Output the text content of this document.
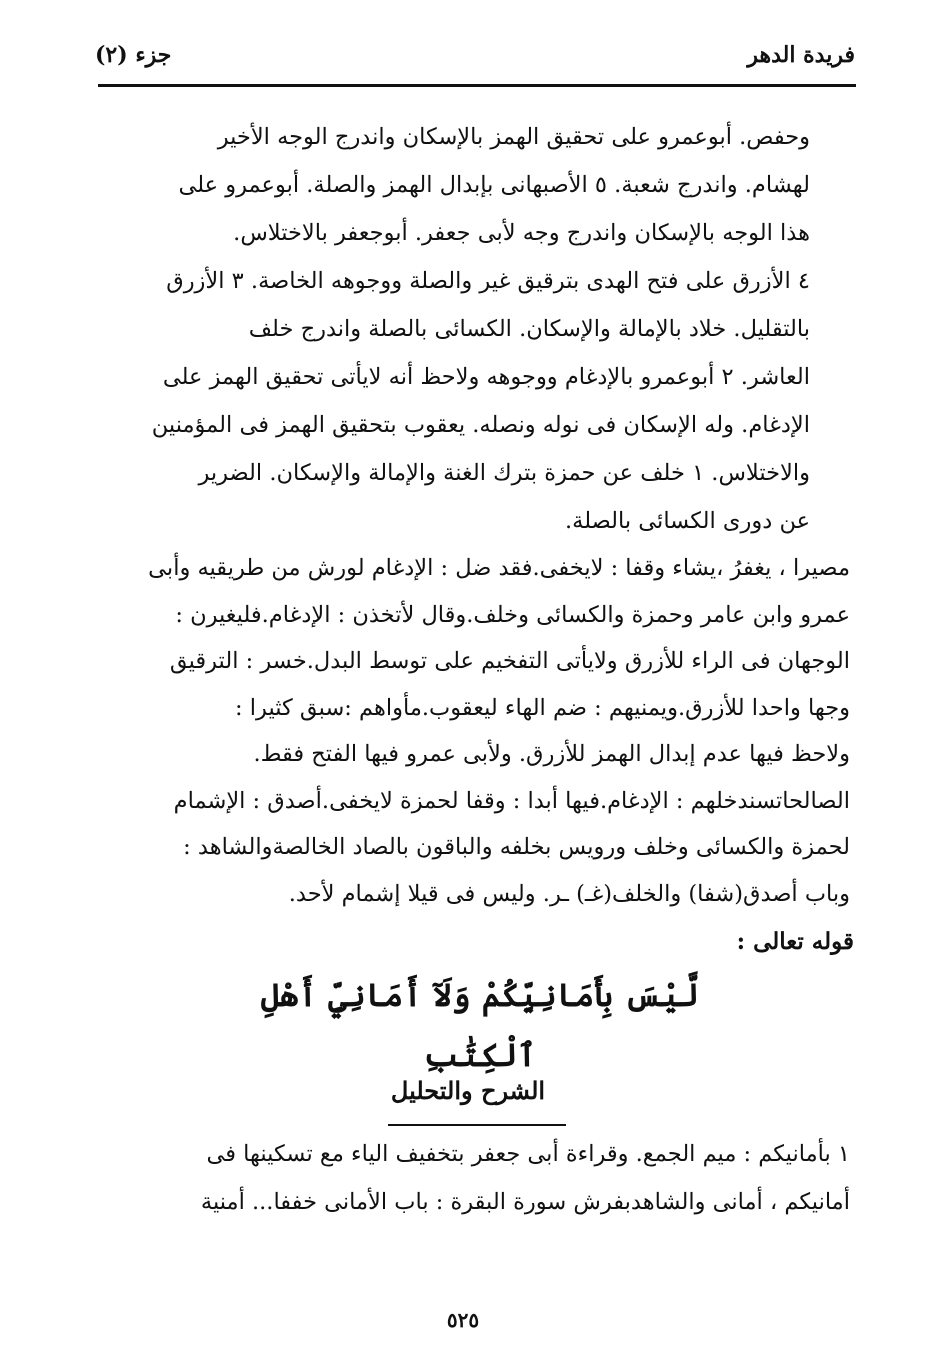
فريدة الدهر
جزء (٢)

وحفص. أبوعمرو على تحقيق الهمز بالإسكان واندرج الوجه الأخير

لهشام. واندرج شعبة. ٥ الأصبهانى بإبدال الهمز والصلة. أبوعمرو على

هذا الوجه بالإسكان واندرج وجه لأبى جعفر. أبوجعفر بالاختلاس.

٤ الأزرق على فتح الهدى بترقيق غير والصلة ووجوهه الخاصة. ٣ الأزرق

بالتقليل. خلاد بالإمالة والإسكان. الكسائى بالصلة واندرج خلف

العاشر. ٢ أبوعمرو بالإدغام ووجوهه ولاحظ أنه لايأتى تحقيق الهمز على

الإدغام. وله الإسكان فى نوله ونصله. يعقوب بتحقيق الهمز فى المؤمنين

والاختلاس. ١ خلف عن حمزة بترك الغنة والإمالة والإسكان. الضرير

عن دورى الكسائى بالصلة.

مصيرا ، يغفرُ ،يشاء وقفا : لايخفى.فقد ضل : الإدغام لورش من طريقيه وأبى

عمرو وابن عامر وحمزة والكسائى وخلف.وقال لأتخذن : الإدغام.فليغيرن :

الوجهان فى الراء للأزرق ولايأتى التفخيم على توسط البدل.خسر : الترقيق

وجها واحدا للأزرق.ويمنيهم : ضم الهاء ليعقوب.مأواهم :سبق كثيرا :

ولاحظ فيها عدم إبدال الهمز للأزرق. ولأبى عمرو فيها الفتح فقط.

الصالحاتسندخلهم : الإدغام.فيها أبدا : وقفا لحمزة لايخفى.أصدق : الإشمام

لحمزة والكسائى وخلف ورويس بخلفه والباقون بالصاد الخالصةوالشاهد :

وباب أصدق(شفا) والخلف(غـ) ـر. وليس فى قيلا إشمام لأحد.

قوله تعالى :
لَّيْسَ بِأَمَانِيِّكُمْ وَلَآ أَمَانِيِّ أَهْلِ ٱلْكِتَٰبِ
الشرح والتحليل

١ بأمانيكم : ميم الجمع. وقراءة أبى جعفر بتخفيف الياء مع تسكينها فى

أمانيكم ، أمانى والشاهدبفرش سورة البقرة : باب الأمانى خففا... أمنية

٥٢٥
